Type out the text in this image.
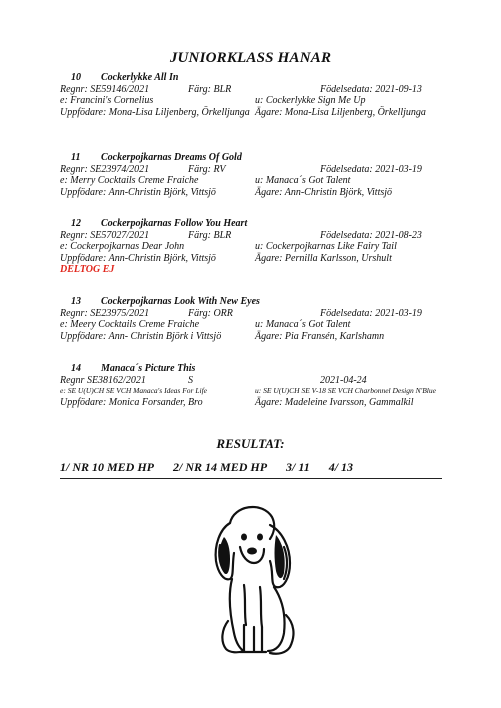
JUNIORKLASS HANAR
10 Cockerlykke All In
Regnr: SE59146/2021	Färg: BLR	Födelsedata: 2021-09-13
e: Francini's Cornelius	u: Cockerlykke Sign Me Up
Uppfödare: Mona-Lisa Liljenberg, Örkelljunga Ägare: Mona-Lisa Liljenberg, Örkelljunga
11 Cockerpojkarnas Dreams Of Gold
Regnr: SE23974/2021	Färg: RV	Födelsedata: 2021-03-19
e: Merry Cocktails Creme Fraiche	u: Manaca´s Got Talent
Uppfödare: Ann-Christin Björk, Vittsjö	Ägare: Ann-Christin Björk, Vittsjö
12 Cockerpojkarnas Follow You Heart
Regnr: SE57027/2021	Färg: BLR	Födelsedata: 2021-08-23
e: Cockerpojkarnas Dear John	u: Cockerpojkarnas Like Fairy Tail
Uppfödare: Ann-Christin Björk, Vittsjö	Ägare: Pernilla Karlsson, Urshult
DELTOG EJ
13 Cockerpojkarnas Look With New Eyes
Regnr: SE23975/2021	Färg: ORR	Födelsedata: 2021-03-19
e: Meery Cocktails Creme Fraiche	u: Manaca´s Got Talent
Uppfödare: Ann- Christin Björk i Vittsjö	Ägare: Pia Fransén, Karlshamn
14 Manaca´s Picture This
Regnr SE38162/2021	S	2021-04-24
e: SE U(U)CH SE VCH Manaca's Ideas For Life	u: SE U(U)CH SE V-18 SE VCH Charbonnel Design N'Blue
Uppfödare: Monica Forsander, Bro	Ägare: Madeleine Ivarsson, Gammalkil
RESULTAT:
1/ NR 10 MED HP 2/ NR 14 MED HP 3/ 11 4/ 13
